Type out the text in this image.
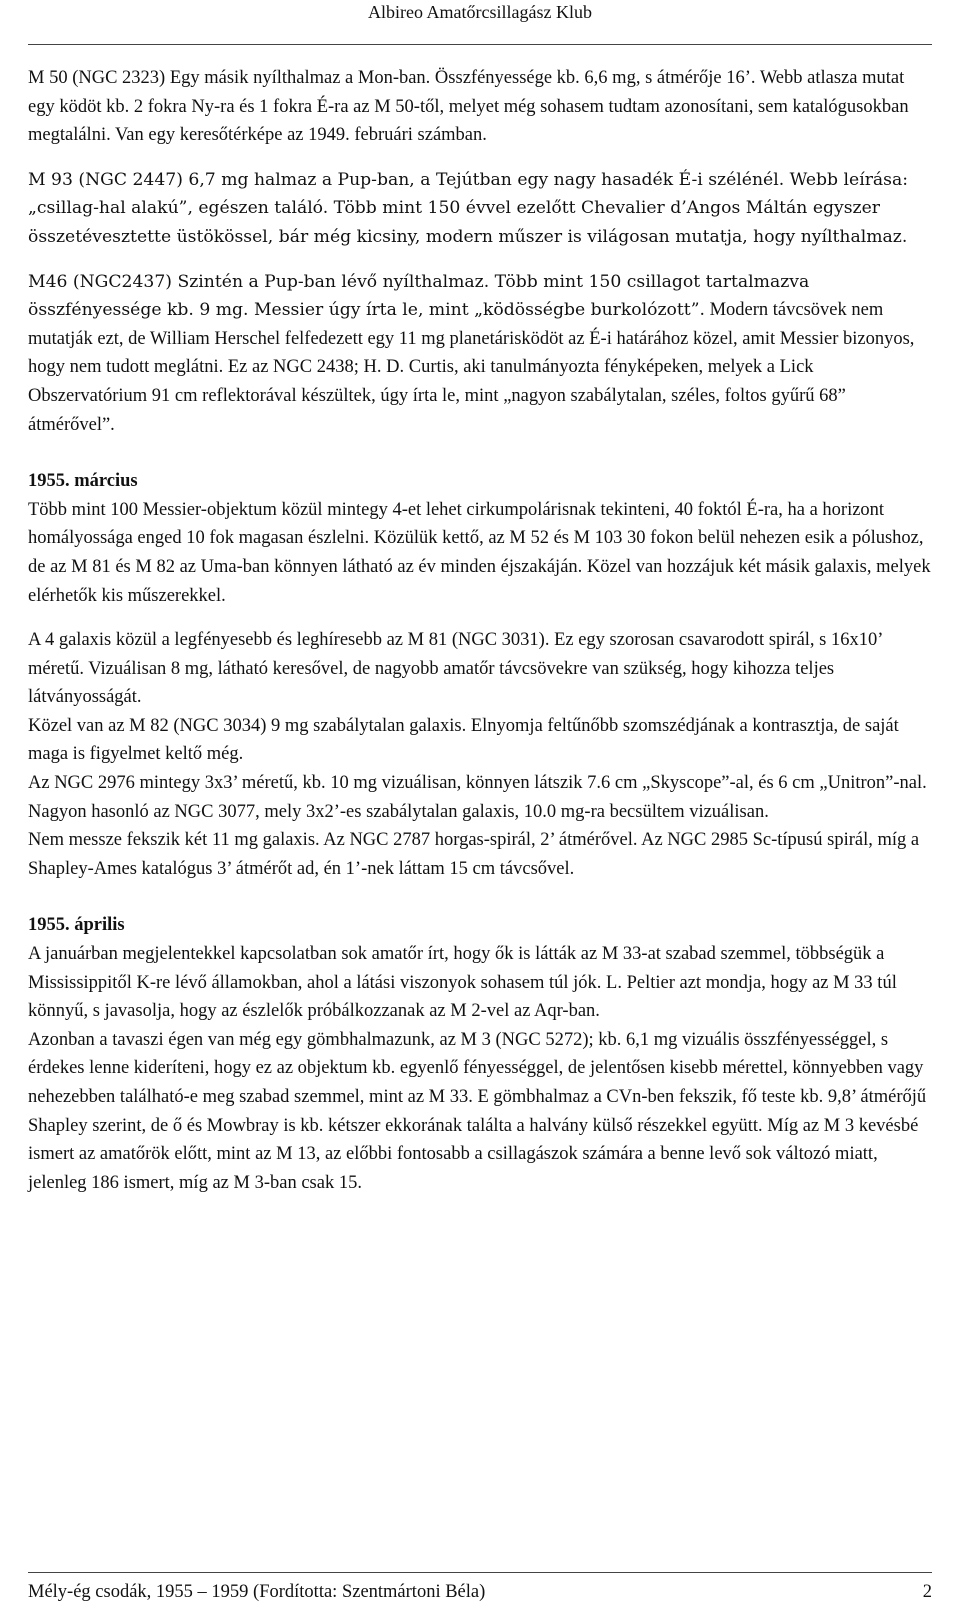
Albireo Amatőrcsillagász Klub

M 50 (NGC 2323) Egy másik nyílthalmaz a Mon-ban. Összfényessége kb. 6,6 mg, s átmérője 16’. Webb atlasza mutat egy ködöt kb. 2 fokra Ny-ra és 1 fokra É-ra az M 50-től, melyet még sohasem tudtam azonosítani, sem katalógusokban megtalálni. Van egy keresőtérképe az 1949. februári számban.

M 93 (NGC 2447) 6,7 mg halmaz a Pup-ban, a Tejútban egy nagy hasadék É-i szélénél. Webb leírása: „csillag-hal alakú”, egészen találó. Több mint 150 évvel ezelőtt Chevalier d’Angos Máltán egyszer összetévesztette üstökössel, bár még kicsiny, modern műszer is világosan mutatja, hogy nyílthalmaz.

M46 (NGC2437) Szintén a Pup-ban lévő nyílthalmaz. Több mint 150 csillagot tartalmazva összfényessége kb. 9 mg. Messier úgy írta le, mint „ködösségbe burkolózott”. Modern távcsövek nem mutatják ezt, de William Herschel felfedezett egy 11 mg planetárisködöt az É-i határához közel, amit Messier bizonyos, hogy nem tudott meglátni. Ez az NGC 2438; H. D. Curtis, aki tanulmányozta fényképeken, melyek a Lick Obszervatórium 91 cm reflektorával készültek, úgy írta le, mint „nagyon szabálytalan, széles, foltos gyűrű 68” átmérővel”.

1955. március

Több mint 100 Messier-objektum közül mintegy 4-et lehet cirkumpolárisnak tekinteni, 40 foktól É-ra, ha a horizont homályossága enged 10 fok magasan észlelni. Közülük kettő, az M 52 és M 103 30 fokon belül nehezen esik a pólushoz, de az M 81 és M 82 az Uma-ban könnyen látható az év minden éjszakáján. Közel van hozzájuk két másik galaxis, melyek elérhetők kis műszerekkel.

A 4 galaxis közül a legfényesebb és leghíresebb az M 81 (NGC 3031). Ez egy szorosan csavarodott spirál, s 16x10’ méretű. Vizuálisan 8 mg, látható keresővel, de nagyobb amatőr távcsövekre van szükség, hogy kihozza teljes látványosságát.

Közel van az M 82 (NGC 3034) 9 mg szabálytalan galaxis. Elnyomja feltűnőbb szomszédjának a kontrasztja, de saját maga is figyelmet keltő még.

Az NGC 2976 mintegy 3x3’ méretű, kb. 10 mg vizuálisan, könnyen látszik 7.6 cm „Skyscope”-al, és 6 cm „Unitron”-nal. Nagyon hasonló az NGC 3077, mely 3x2’-es szabálytalan galaxis, 10.0 mg-ra becsültem vizuálisan.

Nem messze fekszik két 11 mg galaxis. Az NGC 2787 horgas-spirál, 2’ átmérővel. Az NGC 2985 Sc-típusú spirál, míg a Shapley-Ames katalógus 3’ átmérőt ad, én 1’-nek láttam 15 cm távcsővel.

1955. április

A januárban megjelentekkel kapcsolatban sok amatőr írt, hogy ők is látták az M 33-at szabad szemmel, többségük a Mississippitől K-re lévő államokban, ahol a látási viszonyok sohasem túl jók. L. Peltier azt mondja, hogy az M 33 túl könnyű, s javasolja, hogy az észlelők próbálkozzanak az M 2-vel az Aqr-ban.

Azonban a tavaszi égen van még egy gömbhalmazunk, az M 3 (NGC 5272); kb. 6,1 mg vizuális összfényességgel, s érdekes lenne kideríteni, hogy ez az objektum kb. egyenlő fényességgel, de jelentősen kisebb mérettel, könnyebben vagy nehezebben található-e meg szabad szemmel, mint az M 33. E gömbhalmaz a CVn-ben fekszik, fő teste kb. 9,8’ átmérőjű Shapley szerint, de ő és Mowbray is kb. kétszer ekkorának találta a halvány külső részekkel együtt. Míg az M 3 kevésbé ismert az amatőrök előtt, mint az M 13, az előbbi fontosabb a csillagászok számára a benne levő sok változó miatt, jelenleg 186 ismert, míg az M 3-ban csak 15.

Mély-ég csodák, 1955 – 1959 (Fordította: Szentmártoni Béla)	2
